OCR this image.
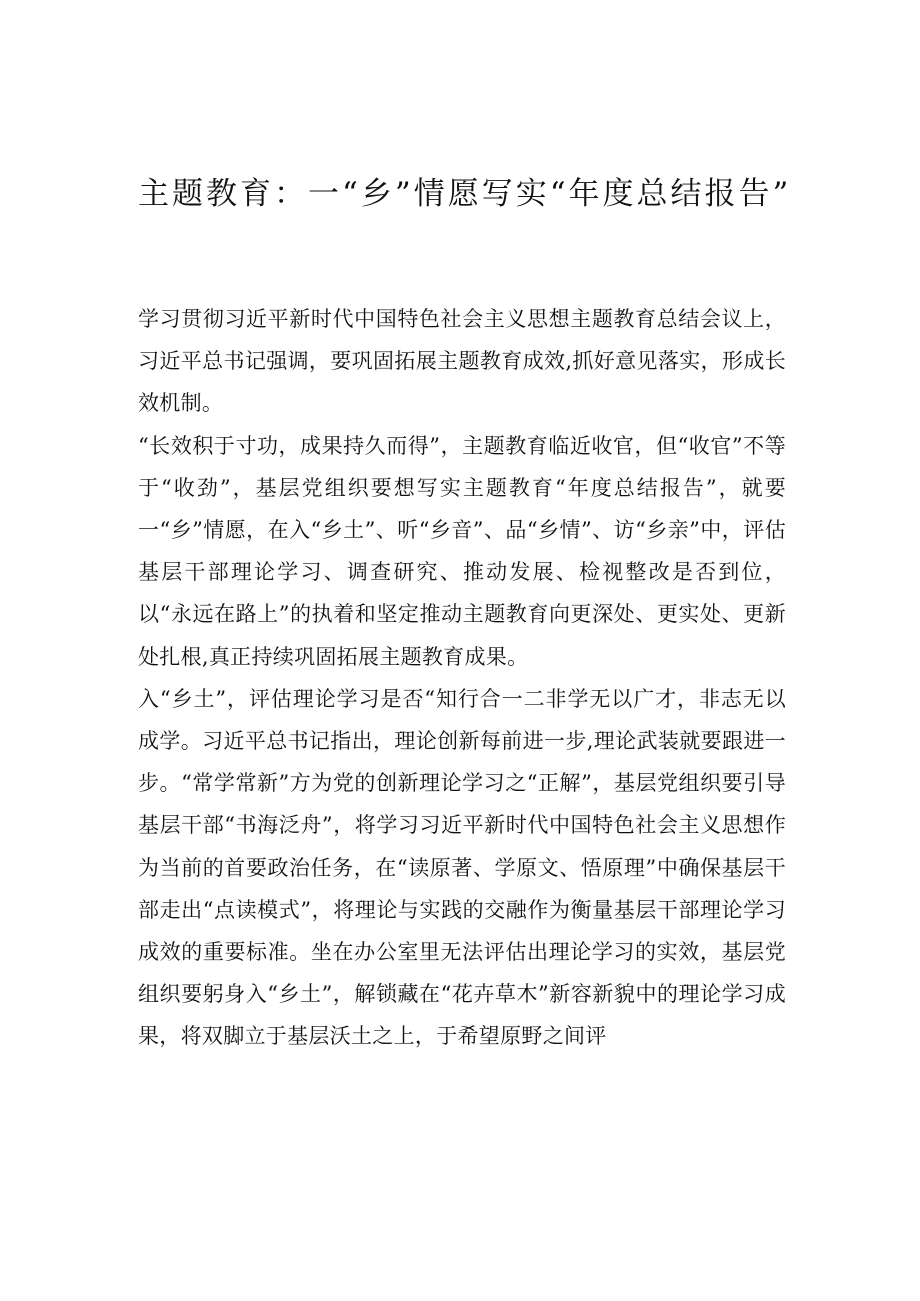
主题教育：一“乡”情愿写实“年度总结报告”

学习贯彻习近平新时代中国特色社会主义思想主题教育总结会议上，习近平总书记强调，要巩固拓展主题教育成效,抓好意见落实，形成长效机制。

“长效积于寸功，成果持久而得”，主题教育临近收官，但“收官”不等于“收劲”，基层党组织要想写实主题教育“年度总结报告”，就要一“乡”情愿，在入“乡土”、听“乡音”、品“乡情”、访“乡亲”中，评估基层干部理论学习、调查研究、推动发展、检视整改是否到位，以“永远在路上”的执着和坚定推动主题教育向更深处、更实处、更新处扎根,真正持续巩固拓展主题教育成果。

入“乡土”，评估理论学习是否“知行合一二非学无以广才，非志无以成学。习近平总书记指出，理论创新每前进一步,理论武装就要跟进一步。“常学常新”方为党的创新理论学习之“正解”，基层党组织要引导基层干部“书海泛舟”，将学习习近平新时代中国特色社会主义思想作为当前的首要政治任务，在“读原著、学原文、悟原理”中确保基层干部走出“点读模式”，将理论与实践的交融作为衡量基层干部理论学习成效的重要标准。坐在办公室里无法评估出理论学习的实效，基层党组织要躬身入“乡土”，解锁藏在“花卉草木”新容新貌中的理论学习成果，将双脚立于基层沃土之上，于希望原野之间评
